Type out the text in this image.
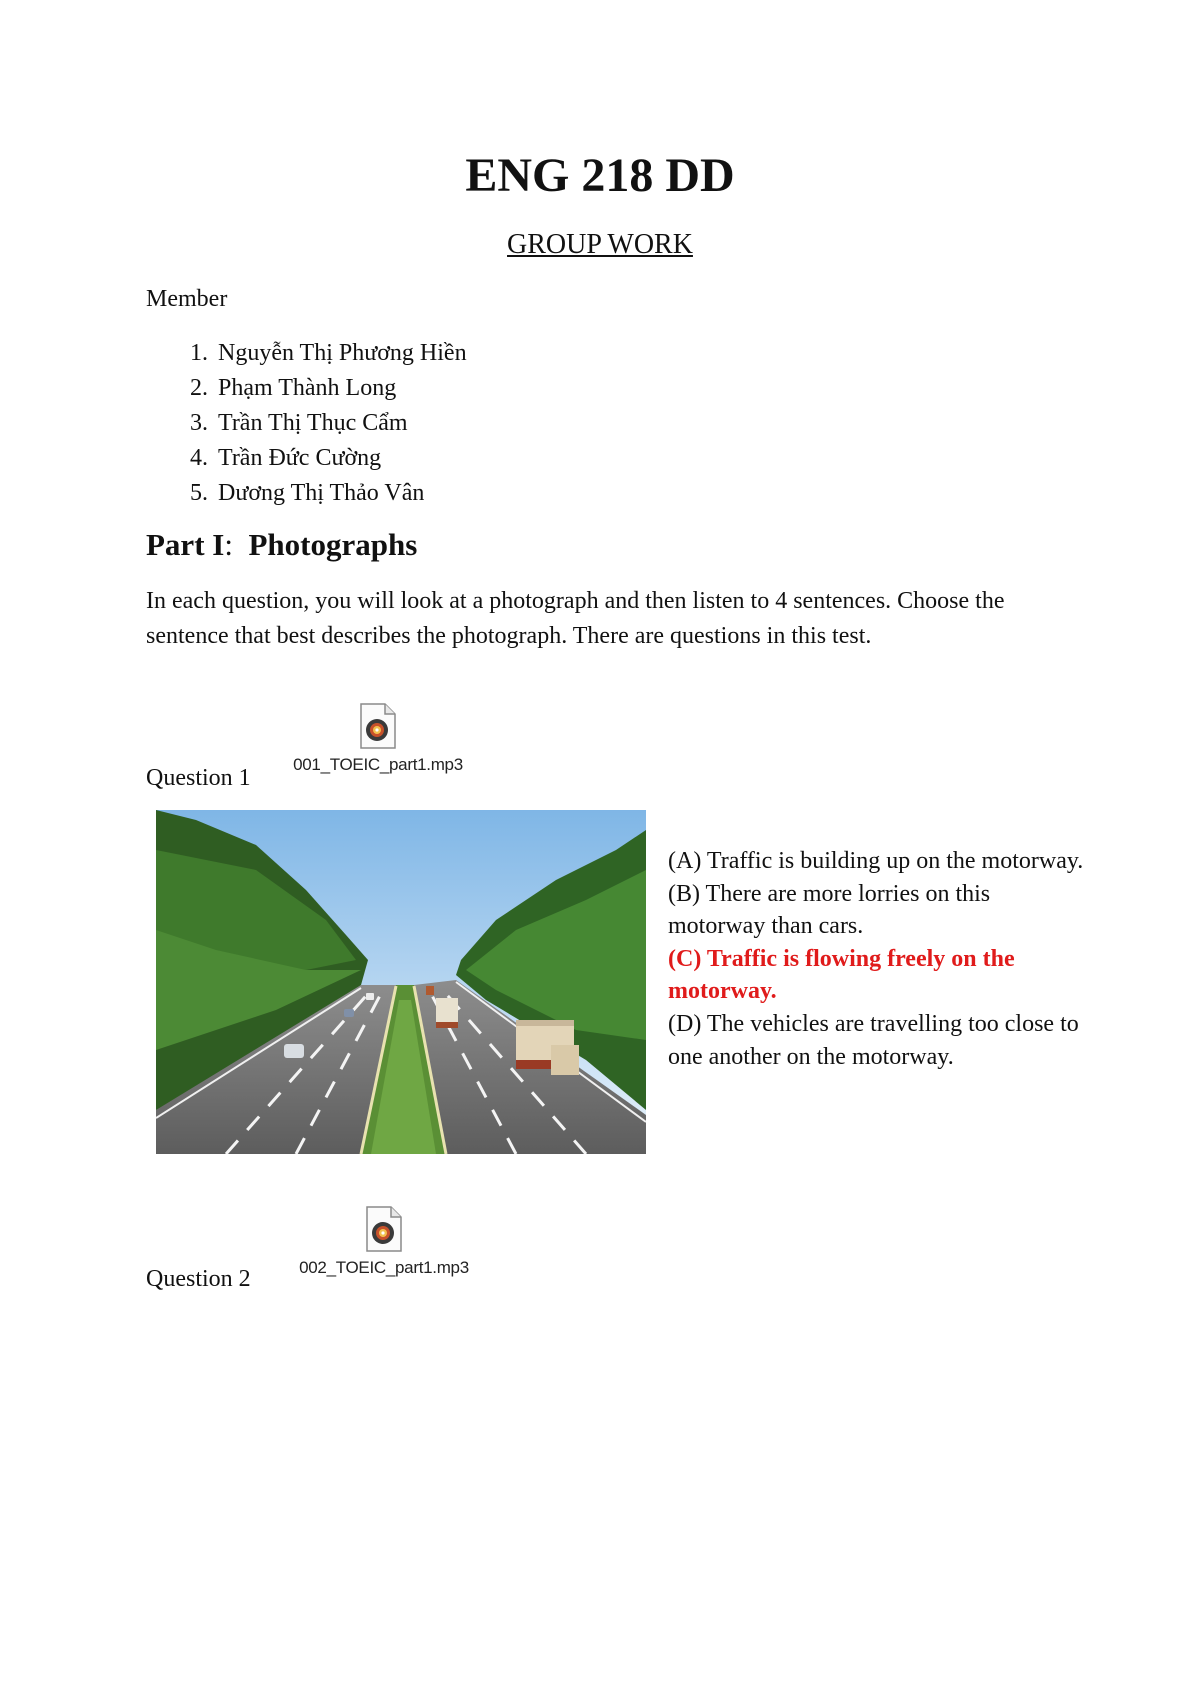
ENG 218 DD
GROUP WORK
Member
1. Nguyễn Thị Phương Hiền
2. Phạm Thành Long
3. Trần Thị Thục Cẩm
4. Trần Đức Cường
5. Dương Thị Thảo Vân
Part I: Photographs

In each question, you will look at a photograph and then listen to 4 sentences. Choose the sentence that best describes the photograph. There are questions in this test.

Question 1
001_TOEIC_part1.mp3
(A) Traffic is building up on the motorway.
(B) There are more lorries on this motorway than cars.
(C) Traffic is flowing freely on the motorway.
(D) The vehicles are travelling too close to one another on the motorway.
Question 2	002_TOEIC_part1.mp3
